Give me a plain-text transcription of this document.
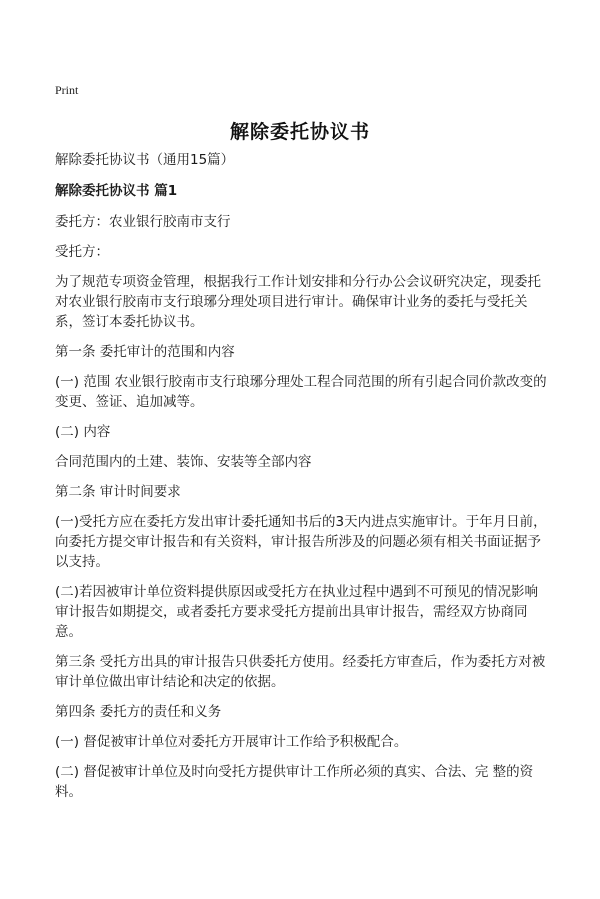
Print
解除委托协议书

解除委托协议书（通用15篇）

解除委托协议书 篇1

委托方：农业银行胶南市支行

受托方：

为了规范专项资金管理，根据我行工作计划安排和分行办公会议研究决定，现委托对农业银行胶南市支行琅琊分理处项目进行审计。确保审计业务的委托与受托关系，签订本委托协议书。

第一条 委托审计的范围和内容

(一) 范围 农业银行胶南市支行琅琊分理处工程合同范围的所有引起合同价款改变的变更、签证、追加减等。

(二) 内容

合同范围内的土建、装饰、安装等全部内容

第二条 审计时间要求

(一)受托方应在委托方发出审计委托通知书后的3天内进点实施审计。于年月日前，向委托方提交审计报告和有关资料，审计报告所涉及的问题必须有相关书面证据予以支持。

(二)若因被审计单位资料提供原因或受托方在执业过程中遇到不可预见的情况影响审计报告如期提交，或者委托方要求受托方提前出具审计报告，需经双方协商同意。

第三条 受托方出具的审计报告只供委托方使用。经委托方审查后，作为委托方对被审计单位做出审计结论和决定的依据。

第四条 委托方的责任和义务

(一) 督促被审计单位对委托方开展审计工作给予积极配合。

(二) 督促被审计单位及时向受托方提供审计工作所必须的真实、合法、完 整的资料。
